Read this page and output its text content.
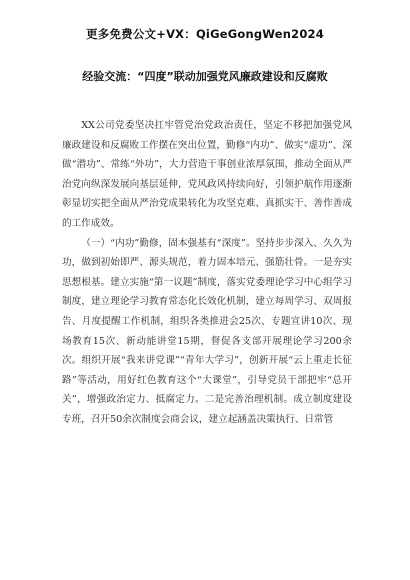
更多免费公文+VX：QiGeGongWen2024
经验交流：“四度”联动加强党风廉政建设和反腐败

XX公司党委坚决扛牢管党治党政治责任，坚定不移把加强党风廉政建设和反腐败工作摆在突出位置，勤修“内功”、做实“虚功”、深做“潜功”、常练“外功”，大力营造干事创业浓厚氛围，推动全面从严治党向纵深发展向基层延伸，党风政风持续向好，引领护航作用逐渐彰显切实把全面从严治党成果转化为攻坚克难、真抓实干、善作善成的工作成效。

（一）“内功”勤修，固本强基有“深度”。坚持步步深入、久久为功，做到初始即严、源头规范，着力固本培元、强筋壮骨。一是夯实思想根基。建立实施“第一议题”制度，落实党委理论学习中心组学习制度，建立理论学习教育常态化长效化机制，建立每周学习、双周报告、月度提醒工作机制，组织各类推进会25次、专题宣讲10次、现场教育15次、新动能讲堂15期，督促各支部开展理论学习200余次。组织开展“我来讲党课”“青年大学习”，创新开展“云上重走长征路”等活动，用好红色教育这个“大课堂”，引导党员干部把牢“总开关”，增强政治定力、抵腐定力。二是完善治理机制。成立制度建设专班，召开50余次制度会商会议，建立起涵盖决策执行、日常管
